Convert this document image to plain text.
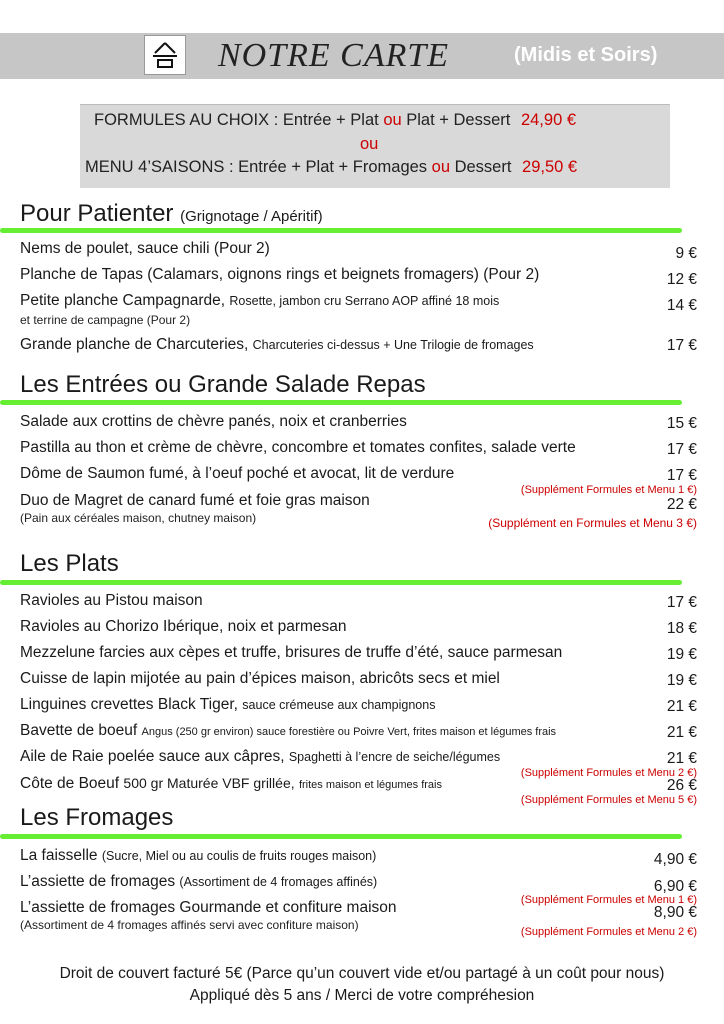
NOTRE CARTE	(Midis et Soirs)
FORMULES AU CHOIX : Entrée + Plat ou Plat + Dessert 24,90 €
ou
MENU 4’SAISONS : Entrée + Plat + Fromages ou Dessert 29,50 €
Pour Patienter (Grignotage / Apéritif)
Nems de poulet, sauce chili (Pour 2)	9 €
Planche de Tapas (Calamars, oignons rings et beignets fromagers) (Pour 2)	12 €
Petite planche Campagnarde, Rosette, jambon cru Serrano AOP affiné 18 mois
et terrine de campagne (Pour 2)
14 €
Grande planche de Charcuteries, Charcuteries ci-dessus + Une Trilogie de fromages	17 €
Les Entrées ou Grande Salade Repas
Salade aux crottins de chèvre panés, noix et cranberries	15 €
Pastilla au thon et crème de chèvre, concombre et tomates confites, salade verte	17 €
Dôme de Saumon fumé, à l’oeuf poché et avocat, lit de verdure	17 €
(Supplément Formules et Menu 1 €)
Duo de Magret de canard fumé et foie gras maison
(Pain aux céréales maison, chutney maison)
22 €
(Supplément en Formules et Menu 3 €)
Les Plats
Ravioles au Pistou maison	17 €
Ravioles au Chorizo Ibérique, noix et parmesan	18 €
Mezzelune farcies aux cèpes et truffe, brisures de truffe d’été, sauce parmesan	19 €
Cuisse de lapin mijotée au pain d’épices maison, abricôts secs et miel	19 €
Linguines crevettes Black Tiger, sauce crémeuse aux champignons	21 €
Bavette de boeuf Angus (250 gr environ) sauce forestière ou Poivre Vert, frites maison et légumes frais	21 €
Aile de Raie poelée sauce aux câpres, Spaghetti à l’encre de seiche/légumes	21 €
(Supplément Formules et Menu 2 €)
Côte de Boeuf 500 gr Maturée VBF grillée, frites maison et légumes frais	26 €
(Supplément Formules et Menu 5 €)
Les Fromages
La faisselle (Sucre, Miel ou au coulis de fruits rouges maison)	4,90 €
L’assiette de fromages (Assortiment de 4 fromages affinés)	6,90 €
(Supplément Formules et Menu 1 €)
L’assiette de fromages Gourmande et confiture maison
(Assortiment de 4 fromages affinés servi avec confiture maison)
8,90 €
(Supplément Formules et Menu 2 €)
Droit de couvert facturé 5€ (Parce qu’un couvert vide et/ou partagé à un coût pour nous)
Appliqué dès 5 ans / Merci de votre compréhesion
